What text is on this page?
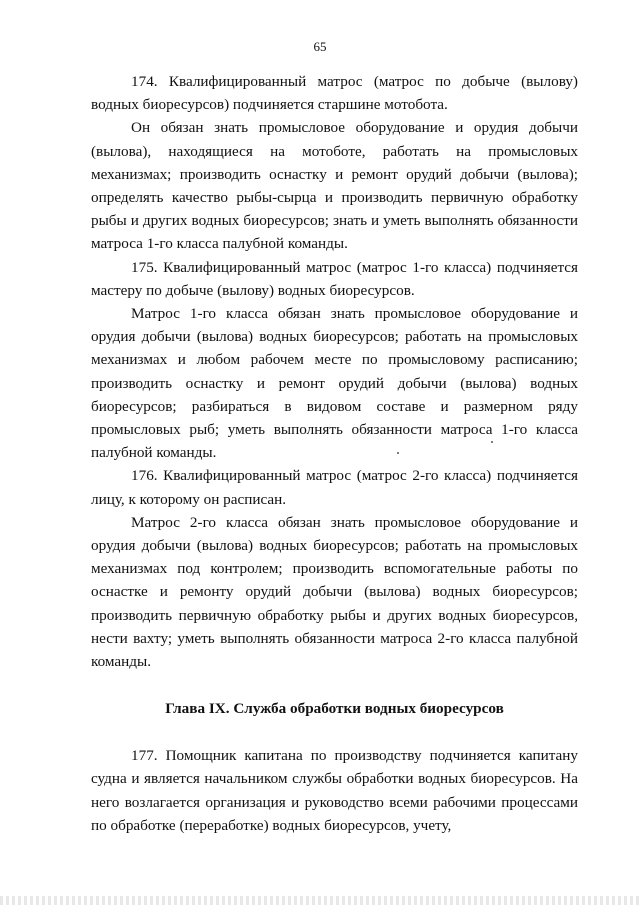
65

174. Квалифицированный матрос (матрос по добыче (вылову) водных биоресурсов) подчиняется старшине мотобота.

Он обязан знать промысловое оборудование и орудия добычи (вылова), находящиеся на мотоботе, работать на промысловых механизмах; производить оснастку и ремонт орудий добычи (вылова); определять качество рыбы-сырца и производить первичную обработку рыбы и других водных биоресурсов; знать и уметь выполнять обязанности матроса 1-го класса палубной команды.

175. Квалифицированный матрос (матрос 1-го класса) подчиняется мастеру по добыче (вылову) водных биоресурсов.

Матрос 1-го класса обязан знать промысловое оборудование и орудия добычи (вылова) водных биоресурсов; работать на промысловых механизмах и любом рабочем месте по промысловому расписанию; производить оснастку и ремонт орудий добычи (вылова) водных биоресурсов; разбираться в видовом составе и размерном ряду промысловых рыб; уметь выполнять обязанности матроса 1-го класса палубной команды.

176. Квалифицированный матрос (матрос 2-го класса) подчиняется лицу, к которому он расписан.

Матрос 2-го класса обязан знать промысловое оборудование и орудия добычи (вылова) водных биоресурсов; работать на промысловых механизмах под контролем; производить вспомогательные работы по оснастке и ремонту орудий добычи (вылова) водных биоресурсов; производить первичную обработку рыбы и других водных биоресурсов, нести вахту; уметь выполнять обязанности матроса 2-го класса палубной команды.

Глава IX. Служба обработки водных биоресурсов

177. Помощник капитана по производству подчиняется капитану судна и является начальником службы обработки водных биоресурсов. На него возлагается организация и руководство всеми рабочими процессами по обработке (переработке) водных биоресурсов, учету,
